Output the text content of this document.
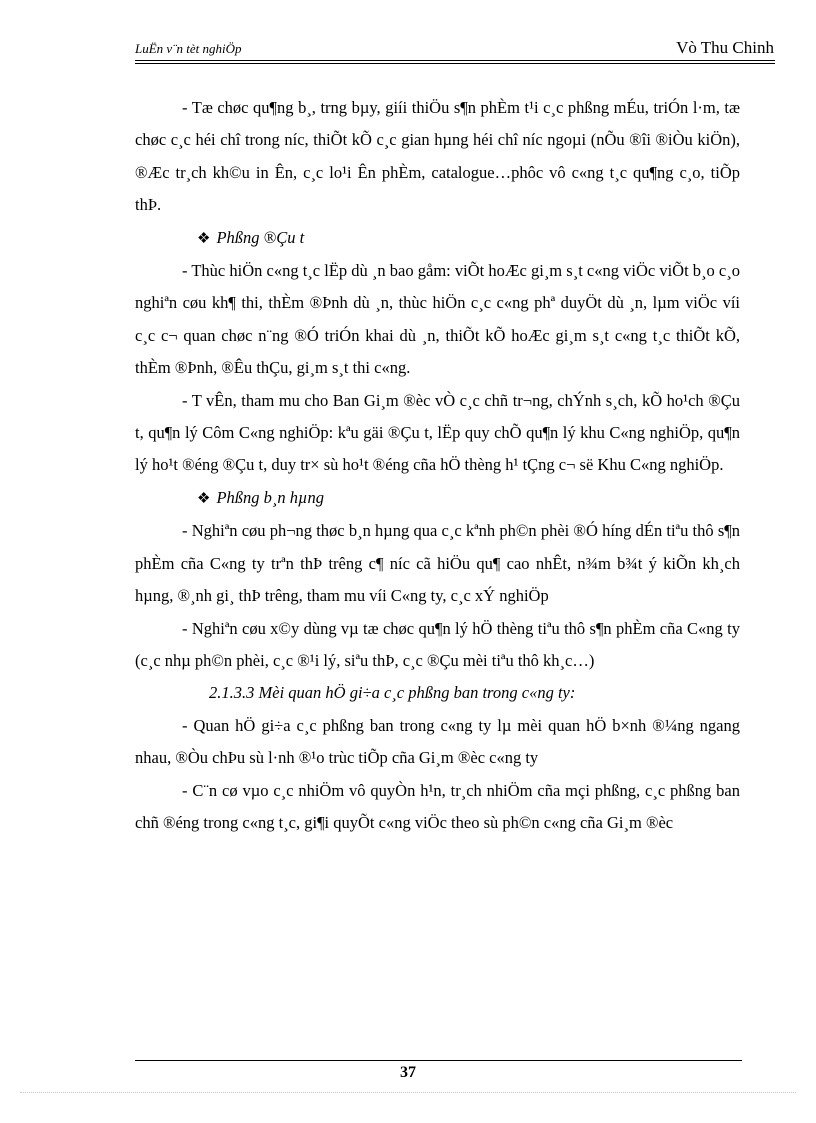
LuËn v¨n tèt nghiÖp	Vò Thu Chinh

- Tæ chøc qu¶ng b¸, trng bµy, giíi thiÖu s¶n phÈm t¹i c¸c phßng mÉu, triÓn l·m, tæ chøc c¸c héi chî trong níc, thiÕt kÕ c¸c gian hµng héi chî níc ngoµi (nÕu ®îi ®iÒu kiÖn), ®Æc tr¸ch kh©u in Ên, c¸c lo¹i Ên phÈm, catalogue…phôc vô c«ng t¸c qu¶ng c¸o, tiÕp thÞ.

❖ Phßng ®Çu t

- Thùc hiÖn c«ng t¸c lËp dù ¸n bao gåm: viÕt hoÆc gi¸m s¸t c«ng viÖc viÕt b¸o c¸o nghiªn cøu kh¶ thi, thÈm ®Þnh dù ¸n, thùc hiÖn c¸c c«ng phª duyÖt dù ¸n, lµm viÖc víi c¸c c¬ quan chøc n¨ng ®Ó triÓn khai dù ¸n, thiÕt kÕ hoÆc gi¸m s¸t c«ng t¸c thiÕt kÕ, thÈm ®Þnh, ®Êu thÇu, gi¸m s¸t thi c«ng.

- T vÊn, tham mu cho Ban Gi¸m ®èc vÒ c¸c chñ tr¬ng, chÝnh s¸ch, kÕ ho¹ch ®Çu t, qu¶n lý Côm C«ng nghiÖp: kªu gäi ®Çu t, lËp quy chÕ qu¶n lý khu C«ng nghiÖp, qu¶n lý ho¹t ®éng ®Çu t, duy tr× sù ho¹t ®éng cña hÖ thèng h¹ tÇng c¬ së Khu C«ng nghiÖp.

❖ Phßng b¸n hµng

- Nghiªn cøu ph¬ng thøc b¸n hµng qua c¸c kªnh ph©n phèi ®Ó híng dÉn tiªu thô s¶n phÈm cña C«ng ty trªn thÞ trêng c¶ níc cã hiÖu qu¶ cao nhÊt, n¾m b¾t ý kiÕn kh¸ch hµng, ®¸nh gi¸ thÞ trêng, tham mu víi C«ng ty, c¸c xÝ nghiÖp

- Nghiªn cøu x©y dùng vµ tæ chøc qu¶n lý hÖ thèng tiªu thô s¶n phÈm cña C«ng ty (c¸c nhµ ph©n phèi, c¸c ®¹i lý, siªu thÞ, c¸c ®Çu mèi tiªu thô kh¸c…)

2.1.3.3 Mèi quan hÖ gi÷a c¸c phßng ban trong c«ng ty:

- Quan hÖ gi÷a c¸c phßng ban trong c«ng ty lµ mèi quan hÖ b×nh ®¼ng ngang nhau, ®Òu chÞu sù l·nh ®¹o trùc tiÕp cña Gi¸m ®èc c«ng ty

- C¨n cø vµo c¸c nhiÖm vô quyÒn h¹n, tr¸ch nhiÖm cña mçi phßng, c¸c phßng ban chñ ®éng trong c«ng t¸c, gi¶i quyÕt c«ng viÖc theo sù ph©n c«ng cña Gi¸m ®èc

37
